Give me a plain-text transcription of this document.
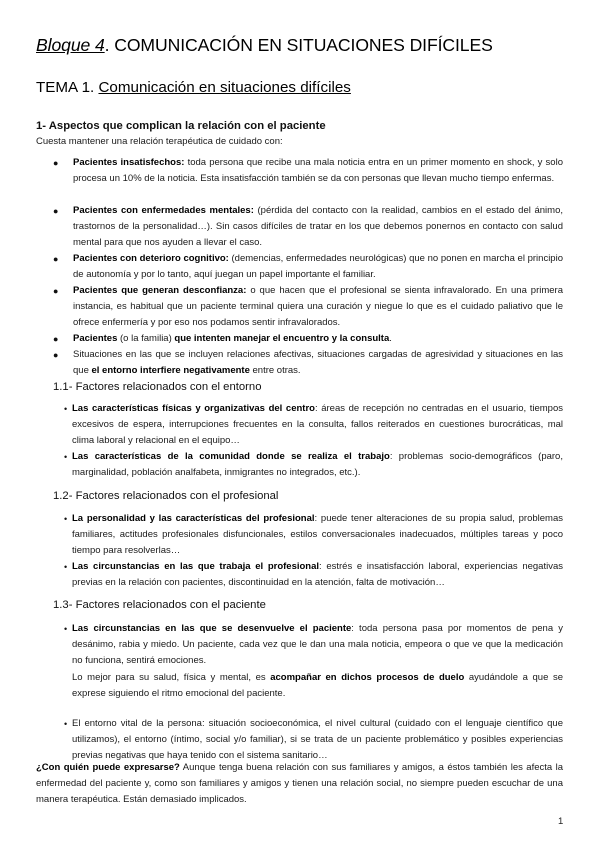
Bloque 4. COMUNICACIÓN EN SITUACIONES DIFÍCILES
TEMA 1. Comunicación en situaciones difíciles
1- Aspectos que complican la relación con el paciente
Cuesta mantener una relación terapéutica de cuidado con:
● Pacientes insatisfechos: toda persona que recibe una mala noticia entra en un primer momento en shock, y solo procesa un 10% de la noticia. Esta insatisfacción también se da con personas que llevan mucho tiempo enfermas.
● Pacientes con enfermedades mentales: (pérdida del contacto con la realidad, cambios en el estado del ánimo, trastornos de la personalidad…). Sin casos difíciles de tratar en los que debemos ponernos en contacto con salud mental para que nos ayuden a llevar el caso.
● Pacientes con deterioro cognitivo: (demencias, enfermedades neurológicas) que no ponen en marcha el principio de autonomía y por lo tanto, aquí juegan un papel importante el familiar.
● Pacientes que generan desconfianza: o que hacen que el profesional se sienta infravalorado. En una primera instancia, es habitual que un paciente terminal quiera una curación y niegue lo que es el cuidado paliativo que le ofrece enfermería y por eso nos podamos sentir infravalorados.
● Pacientes (o la familia) que intenten manejar el encuentro y la consulta.
● Situaciones en las que se incluyen relaciones afectivas, situaciones cargadas de agresividad y situaciones en las que el entorno interfiere negativamente entre otras.
1.1- Factores relacionados con el entorno
• Las características físicas y organizativas del centro: áreas de recepción no centradas en el usuario, tiempos excesivos de espera, interrupciones frecuentes en la consulta, fallos reiterados en cuestiones burocráticas, mal clima laboral y relacional en el equipo…
• Las características de la comunidad donde se realiza el trabajo: problemas socio-demográficos (paro, marginalidad, población analfabeta, inmigrantes no integrados, etc.).
1.2- Factores relacionados con el profesional
• La personalidad y las características del profesional: puede tener alteraciones de su propia salud, problemas familiares, actitudes profesionales disfuncionales, estilos conversacionales inadecuados, múltiples tareas y poco tiempo para resolverlas…
• Las circunstancias en las que trabaja el profesional: estrés e insatisfacción laboral, experiencias negativas previas en la relación con pacientes, discontinuidad en la atención, falta de motivación…
1.3- Factores relacionados con el paciente
• Las circunstancias en las que se desenvuelve el paciente: toda persona pasa por momentos de pena y desánimo, rabia y miedo. Un paciente, cada vez que le dan una mala noticia, empeora o que ve que la medicación no funciona, sentirá emociones.
Lo mejor para su salud, física y mental, es acompañar en dichos procesos de duelo ayudándole a que se exprese siguiendo el ritmo emocional del paciente.
• El entorno vital de la persona: situación socioeconómica, el nivel cultural (cuidado con el lenguaje científico que utilizamos), el entorno (íntimo, social y/o familiar), si se trata de un paciente problemático y posibles experiencias previas negativas que haya tenido con el sistema sanitario…
¿Con quién puede expresarse? Aunque tenga buena relación con sus familiares y amigos, a éstos también les afecta la enfermedad del paciente y, como son familiares y amigos y tienen una relación social, no siempre pueden escuchar de una manera terapéutica. Están demasiado implicados.
1
